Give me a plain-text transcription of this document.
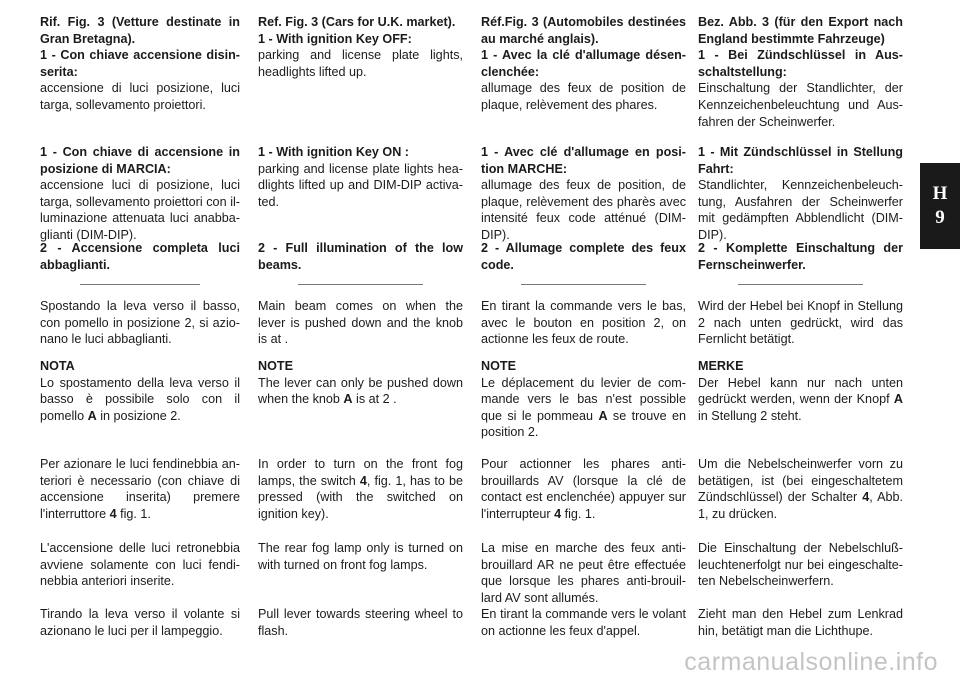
Rif. Fig. 3 (Vetture destinate in Gran Bretagna).

1 - Con chiave accensione disinserita:

accensione di luci posizione, luci targa, sollevamento proiettori.

1 - Con chiave di accensione in posizione di MARCIA:

accensione luci di posizione, luci targa, sollevamento proiettori con illuminazione attenuata luci anabbaglianti (DIM-DIP).

2 - Accensione completa luci abbaglianti.

Spostando la leva verso il basso, con pomello in posizione 2, si azionano le luci abbaglianti.

NOTA

Lo spostamento della leva verso il basso è possibile solo con il pomello A in posizione 2.

Per azionare le luci fendinebbia anteriori è necessario (con chiave di accensione inserita) premere l'interruttore 4 fig. 1.

L'accensione delle luci retronebbia avviene solamente con luci fendinebbia anteriori inserite.

Tirando la leva verso il volante si azionano le luci per il lampeggio.

Ref. Fig. 3 (Cars for U.K. market).

1 - With ignition Key OFF:

parking and license plate lights, headlights lifted up.

1 - With ignition Key ON :

parking and license plate lights headlights lifted up and DIM-DIP activated.

2 - Full illumination of the low beams.

Main beam comes on when the lever is pushed down and the knob is at .

NOTE

The lever can only be pushed down when the knob A is at 2 .

In order to turn on the front fog lamps, the switch 4, fig. 1, has to be pressed (with the switched on ignition key).

The rear fog lamp only is turned on with turned on front fog lamps.

Pull lever towards steering wheel to flash.

Réf.Fig. 3 (Automobiles destinées au marché anglais).

1 - Avec la clé d'allumage désenclenchée:

allumage des feux de position de plaque, relèvement des phares.

1 - Avec clé d'allumage en position MARCHE:

allumage des feux de position, de plaque, relèvement des pharès avec intensité feux code atténué (DIM-DIP).

2 - Allumage complete des feux code.

En tirant la commande vers le bas, avec le bouton en position 2, on actionne les feux de route.

NOTE

Le déplacement du levier de commande vers le bas n'est possible que si le pommeau A se trouve en position 2.

Pour actionner les phares antibrouillards AV (lorsque la clé de contact est enclenchée) appuyer sur l'interrupteur 4 fig. 1.

La mise en marche des feux antibrouillard AR ne peut être effectuée que lorsque les phares anti-brouillard AV sont allumés.

En tirant la commande vers le volant on actionne les feux d'appel.

Bez. Abb. 3 (für den Export nach England bestimmte Fahrzeuge)

1 - Bei Zündschlüssel in Ausschaltstellung:

Einschaltung der Standlichter, der Kennzeichenbeleuchtung und Ausfahren der Scheinwerfer.

1 - Mit Zündschlüssel in Stellung Fahrt:

Standlichter, Kennzeichenbeleuchtung, Ausfahren der Scheinwerfer mit gedämpften Abblendlicht (DIM-DIP).

2 - Komplette Einschaltung der Fernscheinwerfer.

Wird der Hebel bei Knopf in Stellung 2 nach unten gedrückt, wird das Fernlicht betätigt.

MERKE

Der Hebel kann nur nach unten gedrückt werden, wenn der Knopf A in Stellung 2 steht.

Um die Nebelscheinwerfer vorn zu betätigen, ist (bei eingeschaltetem Zündschlüssel) der Schalter 4, Abb. 1, zu drücken.

Die Einschaltung der Nebelschlußleuchtenerfolgt nur bei eingeschalteten Nebelscheinwerfern.

Zieht man den Hebel zum Lenkrad hin, betätigt man die Lichthupe.

H
9
carmanualsonline.info
